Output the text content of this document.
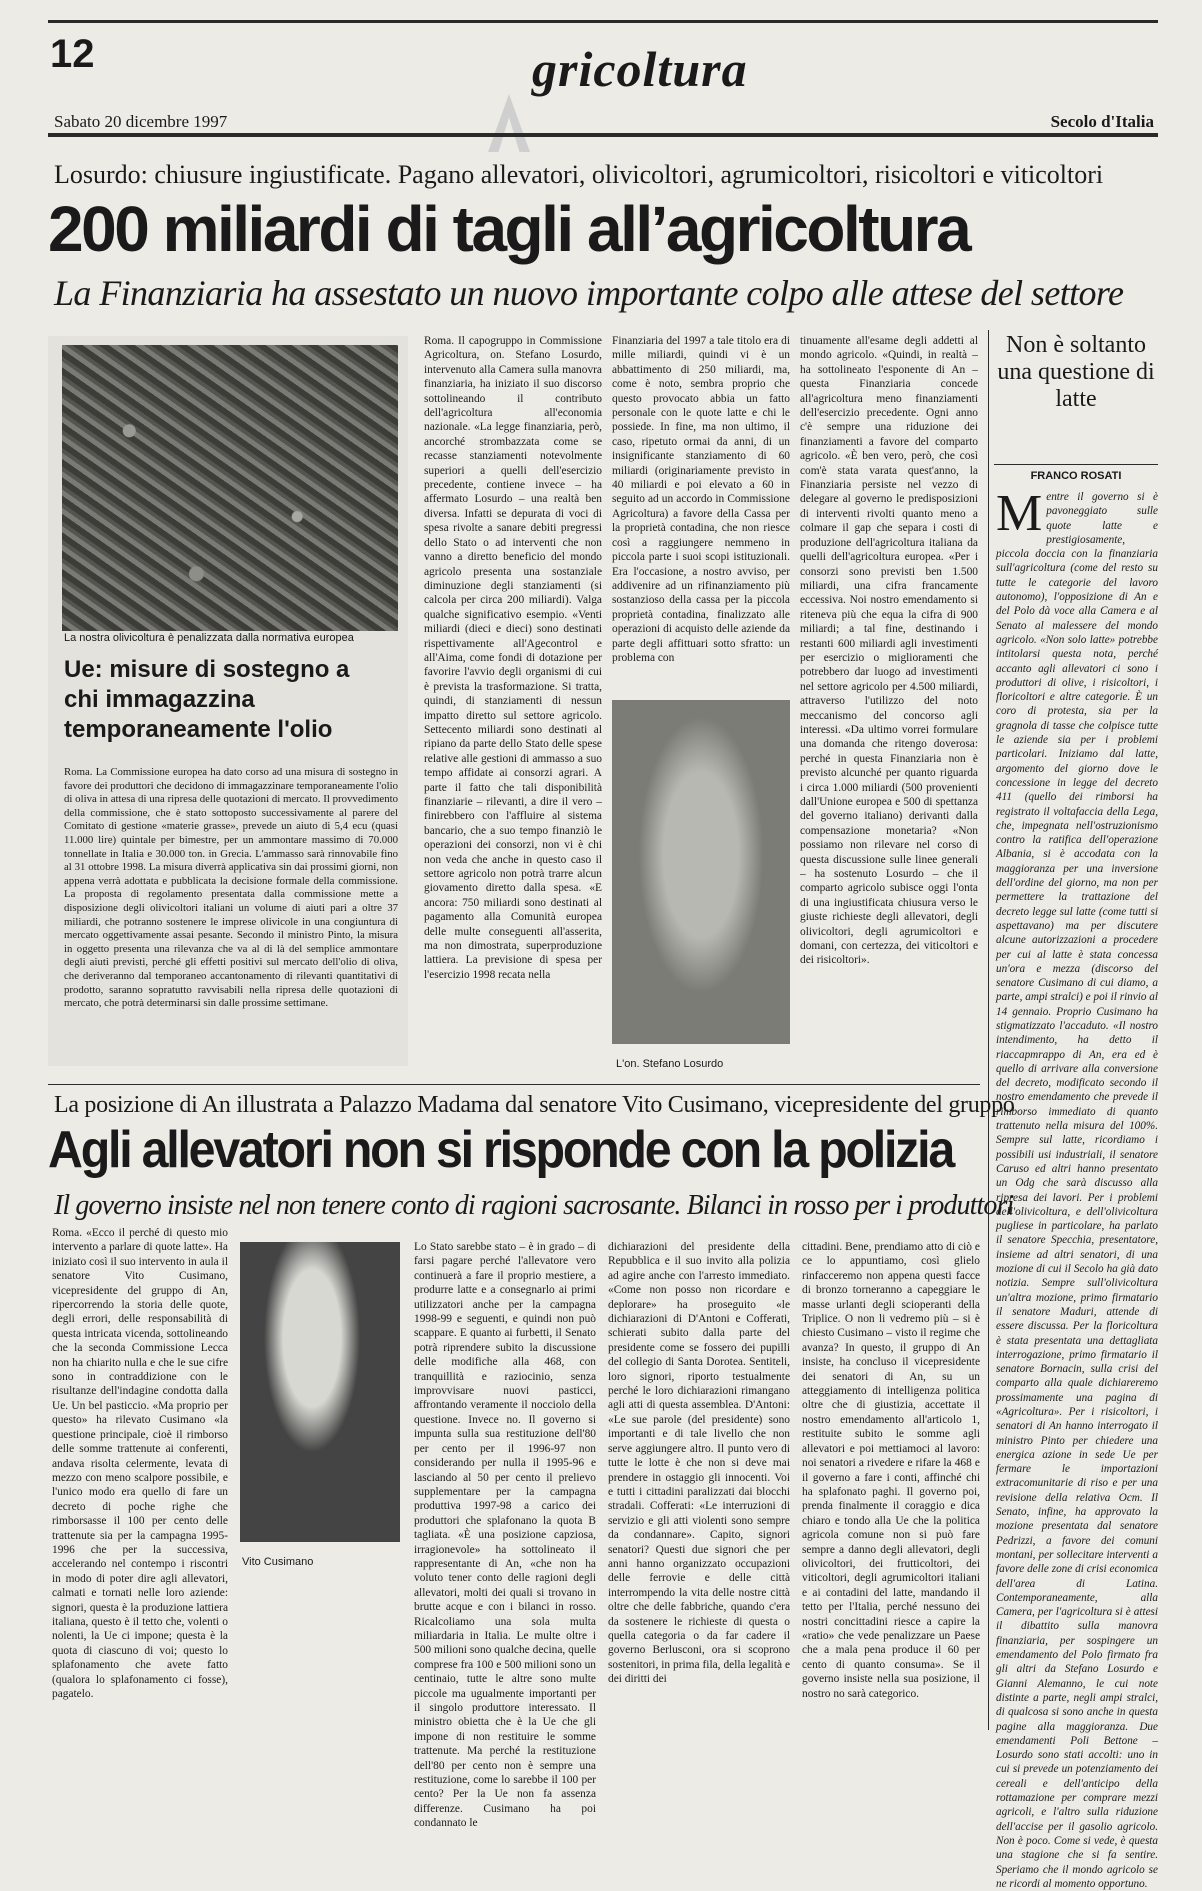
12	gricoltura
Sabato 20 dicembre 1997	Secolo d'Italia
Losurdo: chiusure ingiustificate. Pagano allevatori, olivicoltori, agrumicoltori, risicoltori e viticoltori
200 miliardi di tagli all’agricoltura
La Finanziaria ha assestato un nuovo importante colpo alle attese del settore
La nostra olivicoltura è penalizzata dalla normativa europea
Ue: misure di sostegno a chi immagazzina temporaneamente l'olio
Roma. La Commissione europea ha dato corso ad una misura di sostegno in favore dei produttori che decidono di immagazzinare temporaneamente l'olio di oliva in attesa di una ripresa delle quotazioni di mercato. Il provvedimento della commissione, che è stato sottoposto successivamente al parere del Comitato di gestione «materie grasse», prevede un aiuto di 5,4 ecu (quasi 11.000 lire) quintale per bimestre, per un ammontare massimo di 70.000 tonnellate in Italia e 30.000 ton. in Grecia. L'ammasso sarà rinnovabile fino al 31 ottobre 1998. La misura diverrà applicativa sin dai prossimi giorni, non appena verrà adottata e pubblicata la decisione formale della commissione. La proposta di regolamento presentata dalla commissione mette a disposizione degli olivicoltori italiani un volume di aiuti pari a oltre 37 miliardi, che potranno sostenere le imprese olivicole in una congiuntura di mercato oggettivamente assai pesante. Secondo il ministro Pinto, la misura in oggetto presenta una rilevanza che va al di là del semplice ammontare degli aiuti previsti, perché gli effetti positivi sul mercato dell'olio di oliva, che deriveranno dal temporaneo accantonamento di rilevanti quantitativi di prodotto, saranno sopratutto ravvisabili nella ripresa delle quotazioni di mercato, che potrà determinarsi sin dalle prossime settimane.
Roma. Il capogruppo in Commissione Agricoltura, on. Stefano Losurdo, intervenuto alla Camera sulla manovra finanziaria, ha iniziato il suo discorso sottolineando il contributo dell'agricoltura all'economia nazionale. «La legge finanziaria, però, ancorché strombazzata come se recasse stanziamenti notevolmente superiori a quelli dell'esercizio precedente, contiene invece – ha affermato Losurdo – una realtà ben diversa. Infatti se depurata di voci di spesa rivolte a sanare debiti pregressi dello Stato o ad interventi che non vanno a diretto beneficio del mondo agricolo presenta una sostanziale diminuzione degli stanziamenti (si calcola per circa 200 miliardi). Valga qualche significativo esempio. «Venti miliardi (dieci e dieci) sono destinati rispettivamente all'Agecontrol e all'Aima, come fondi di dotazione per favorire l'avvio degli organismi di cui è prevista la trasformazione. Si tratta, quindi, di stanziamenti di nessun impatto diretto sul settore agricolo. Settecento miliardi sono destinati al ripiano da parte dello Stato delle spese relative alle gestioni di ammasso a suo tempo affidate ai consorzi agrari. A parte il fatto che tali disponibilità finanziarie – rilevanti, a dire il vero – finirebbero con l'affluire al sistema bancario, che a suo tempo finanziò le operazioni dei consorzi, non vi è chi non veda che anche in questo caso il settore agricolo non potrà trarre alcun giovamento diretto dalla spesa. «E ancora: 750 miliardi sono destinati al pagamento alla Comunità europea delle multe conseguenti all'asserita, ma non dimostrata, superproduzione lattiera. La previsione di spesa per l'esercizio 1998 recata nella
Finanziaria del 1997 a tale titolo era di mille miliardi, quindi vi è un abbattimento di 250 miliardi, ma, come è noto, sembra proprio che questo provocato abbia un fatto personale con le quote latte e chi le possiede. In fine, ma non ultimo, il caso, ripetuto ormai da anni, di un insignificante stanziamento di 60 miliardi (originariamente previsto in 40 miliardi e poi elevato a 60 in seguito ad un accordo in Commissione Agricoltura) a favore della Cassa per la proprietà contadina, che non riesce così a raggiungere nemmeno in piccola parte i suoi scopi istituzionali. Era l'occasione, a nostro avviso, per addivenire ad un rifinanziamento più sostanzioso della cassa per la piccola proprietà contadina, finalizzato alle operazioni di acquisto delle aziende da parte degli affittuari sotto sfratto: un problema con
L'on. Stefano Losurdo
tinuamente all'esame degli addetti al mondo agricolo. «Quindi, in realtà – ha sottolineato l'esponente di An – questa Finanziaria concede all'agricoltura meno finanziamenti dell'esercizio precedente. Ogni anno c'è sempre una riduzione dei finanziamenti a favore del comparto agricolo. «È ben vero, però, che così com'è stata varata quest'anno, la Finanziaria persiste nel vezzo di delegare al governo le predisposizioni di interventi rivolti quanto meno a colmare il gap che separa i costi di produzione dell'agricoltura italiana da quelli dell'agricoltura europea. «Per i consorzi sono previsti ben 1.500 miliardi, una cifra francamente eccessiva. Noi nostro emendamento si riteneva più che equa la cifra di 900 miliardi; a tal fine, destinando i restanti 600 miliardi agli investimenti per esercizio o miglioramenti che potrebbero dar luogo ad investimenti nel settore agricolo per 4.500 miliardi, attraverso l'utilizzo del noto meccanismo del concorso agli interessi. «Da ultimo vorrei formulare una domanda che ritengo doverosa: perché in questa Finanziaria non è previsto alcunché per quanto riguarda i circa 1.000 miliardi (500 provenienti dall'Unione europea e 500 di spettanza del governo italiano) derivanti dalla compensazione monetaria? «Non possiamo non rilevare nel corso di questa discussione sulle linee generali – ha sostenuto Losurdo – che il comparto agricolo subisce oggi l'onta di una ingiustificata chiusura verso le giuste richieste degli allevatori, degli olivicoltori, degli agrumicoltori e domani, con certezza, dei viticoltori e dei risicoltori».
Non è soltanto una questione di latte
FRANCO ROSATI
Mentre il governo si è pavoneggiato sulle quote latte e prestigiosamente, piccola doccia con la finanziaria sull'agricoltura (come del resto su tutte le categorie del lavoro autonomo), l'opposizione di An e del Polo dà voce alla Camera e al Senato al malessere del mondo agricolo. «Non solo latte» potrebbe intitolarsi questa nota, perché accanto agli allevatori ci sono i produttori di olive, i risicoltori, i floricoltori e altre categorie. È un coro di protesta, sia per la gragnola di tasse che colpisce tutte le aziende sia per i problemi particolari. Iniziamo dal latte, argomento del giorno dove le concessione in legge del decreto 411 (quello dei rimborsi ha registrato il voltafaccia della Lega, che, impegnata nell'ostruzionismo contro la ratifica dell'operazione Albania, si è accodata con la maggioranza per una inversione dell'ordine del giorno, ma non per permettere la trattazione del decreto legge sul latte (come tutti si aspettavano) ma per discutere alcune autorizzazioni a procedere per cui al latte è stata concessa un'ora e mezza (discorso del senatore Cusimano di cui diamo, a parte, ampi stralci) e poi il rinvio al 14 gennaio. Proprio Cusimano ha stigmatizzato l'accaduto. «Il nostro intendimento, ha detto il riaccapmrappo di An, era ed è quello di arrivare alla conversione del decreto, modificato secondo il nostro emendamento che prevede il rimborso immediato di quanto trattenuto nella misura del 100%. Sempre sul latte, ricordiamo i possibili usi industriali, il senatore Caruso ed altri hanno presentato un Odg che sarà discusso alla ripresa dei lavori. Per i problemi dell'olivicoltura, e dell'olivicoltura pugliese in particolare, ha parlato il senatore Specchia, presentatore, insieme ad altri senatori, di una mozione di cui il Secolo ha già dato notizia. Sempre sull'olivicoltura un'altra mozione, primo firmatario il senatore Maduri, attende di essere discussa. Per la floricoltura è stata presentata una dettagliata interrogazione, primo firmatario il senatore Bornacin, sulla crisi del comparto alla quale dichiareremo prossimamente una pagina di «Agricoltura». Per i risicoltori, i senatori di An hanno interrogato il ministro Pinto per chiedere una energica azione in sede Ue per fermare le importazioni extracomunitarie di riso e per una revisione della relativa Ocm. Il Senato, infine, ha approvato la mozione presentata dal senatore Pedrizzi, a favore dei comuni montani, per sollecitare interventi a favore delle zone di crisi economica dell'area di Latina. Contemporaneamente, alla Camera, per l'agricoltura si è attesi il dibattito sulla manovra finanziaria, per sospingere un emendamento del Polo firmato fra gli altri da Stefano Losurdo e Gianni Alemanno, le cui note distinte a parte, negli ampi stralci, di qualcosa si sono anche in questa pagine alla maggioranza. Due emendamenti Poli Bettone – Losurdo sono stati accolti: uno in cui si prevede un potenziamento dei cereali e dell'anticipo della rottamazione per comprare mezzi agricoli, e l'altro sulla riduzione dell'accise per il gasolio agricolo. Non è poco. Come si vede, è questa una stagione che si fa sentire. Speriamo che il mondo agricolo se ne ricordi al momento opportuno.
La posizione di An illustrata a Palazzo Madama dal senatore Vito Cusimano, vicepresidente del gruppo
Agli allevatori non si risponde con la polizia
Il governo insiste nel non tenere conto di ragioni sacrosante. Bilanci in rosso per i produttori
Roma. «Ecco il perché di questo mio intervento a parlare di quote latte». Ha iniziato così il suo intervento in aula il senatore Vito Cusimano, vicepresidente del gruppo di An, ripercorrendo la storia delle quote, degli errori, delle responsabilità di questa intricata vicenda, sottolineando che la seconda Commissione Lecca non ha chiarito nulla e che le sue cifre sono in contraddizione con le risultanze dell'indagine condotta dalla Ue. Un bel pasticcio. «Ma proprio per questo» ha rilevato Cusimano «la questione principale, cioè il rimborso delle somme trattenute ai conferenti, andava risolta celermente, levata di mezzo con meno scalpore possibile, e l'unico modo era quello di fare un decreto di poche righe che rimborsasse il 100 per cento delle trattenute sia per la campagna 1995-1996 che per la successiva, accelerando nel contempo i riscontri in modo di poter dire agli allevatori, calmati e tornati nelle loro aziende: signori, questa è la produzione lattiera italiana, questo è il tetto che, volenti o nolenti, la Ue ci impone; questa è la quota di ciascuno di voi; questo lo splafonamento che avete fatto (qualora lo splafonamento ci fosse), pagatelo.
Vito Cusimano
Lo Stato sarebbe stato – è in grado – di farsi pagare perché l'allevatore vero continuerà a fare il proprio mestiere, a produrre latte e a consegnarlo ai primi utilizzatori anche per la campagna 1998-99 e seguenti, e quindi non può scappare. E quanto ai furbetti, il Senato potrà riprendere subito la discussione delle modifiche alla 468, con tranquillità e raziocinio, senza improvvisare nuovi pasticci, affrontando veramente il nocciolo della questione. Invece no. Il governo si impunta sulla sua restituzione dell'80 per cento per il 1996-97 non considerando per nulla il 1995-96 e lasciando al 50 per cento il prelievo supplementare per la campagna produttiva 1997-98 a carico dei produttori che splafonano la quota B tagliata. «È una posizione capziosa, irragionevole» ha sottolineato il rappresentante di An, «che non ha voluto tener conto delle ragioni degli allevatori, molti dei quali si trovano in brutte acque e con i bilanci in rosso. Ricalcoliamo una sola multa miliardaria in Italia. Le multe oltre i 500 milioni sono qualche decina, quelle comprese fra 100 e 500 milioni sono un centinaio, tutte le altre sono multe piccole ma ugualmente importanti per il singolo produttore interessato. Il ministro obietta che è la Ue che gli impone di non restituire le somme trattenute. Ma perché la restituzione dell'80 per cento non è sempre una restituzione, come lo sarebbe il 100 per cento? Per la Ue non fa assenza differenze. Cusimano ha poi condannato le
dichiarazioni del presidente della Repubblica e il suo invito alla polizia ad agire anche con l'arresto immediato. «Come non posso non ricordare e deplorare» ha proseguito «le dichiarazioni di D'Antoni e Cofferati, schierati subito dalla parte del presidente come se fossero dei pupilli del collegio di Santa Dorotea. Sentiteli, loro signori, riporto testualmente perché le loro dichiarazioni rimangano agli atti di questa assemblea. D'Antoni: «Le sue parole (del presidente) sono importanti e di tale livello che non serve aggiungere altro. Il punto vero di tutte le lotte è che non si deve mai prendere in ostaggio gli innocenti. Voi e tutti i cittadini paralizzati dai blocchi stradali. Cofferati: «Le interruzioni di servizio e gli atti violenti sono sempre da condannare». Capito, signori senatori? Questi due signori che per anni hanno organizzato occupazioni delle ferrovie e delle città interrompendo la vita delle nostre città oltre che delle fabbriche, quando c'era da sostenere le richieste di questa o quella categoria o da far cadere il governo Berlusconi, ora si scoprono sostenitori, in prima fila, della legalità e dei diritti dei
cittadini. Bene, prendiamo atto di ciò e ce lo appuntiamo, così glielo rinfacceremo non appena questi facce di bronzo torneranno a capeggiare le masse urlanti degli scioperanti della Triplice. O non li vedremo più – si è chiesto Cusimano – visto il regime che avanza? In questo, il gruppo di An insiste, ha concluso il vicepresidente dei senatori di An, su un atteggiamento di intelligenza politica oltre che di giustizia, accettate il nostro emendamento all'articolo 1, restituite subito le somme agli allevatori e poi mettiamoci al lavoro: noi senatori a rivedere e rifare la 468 e il governo a fare i conti, affinché chi ha splafonato paghi. Il governo poi, prenda finalmente il coraggio e dica chiaro e tondo alla Ue che la politica agricola comune non si può fare sempre a danno degli allevatori, degli olivicoltori, dei frutticoltori, dei viticoltori, degli agrumicoltori italiani e ai contadini del latte, mandando il tetto per l'Italia, perché nessuno dei nostri concittadini riesce a capire la «ratio» che vede penalizzare un Paese che a mala pena produce il 60 per cento di quanto consuma». Se il governo insiste nella sua posizione, il nostro no sarà categorico.
